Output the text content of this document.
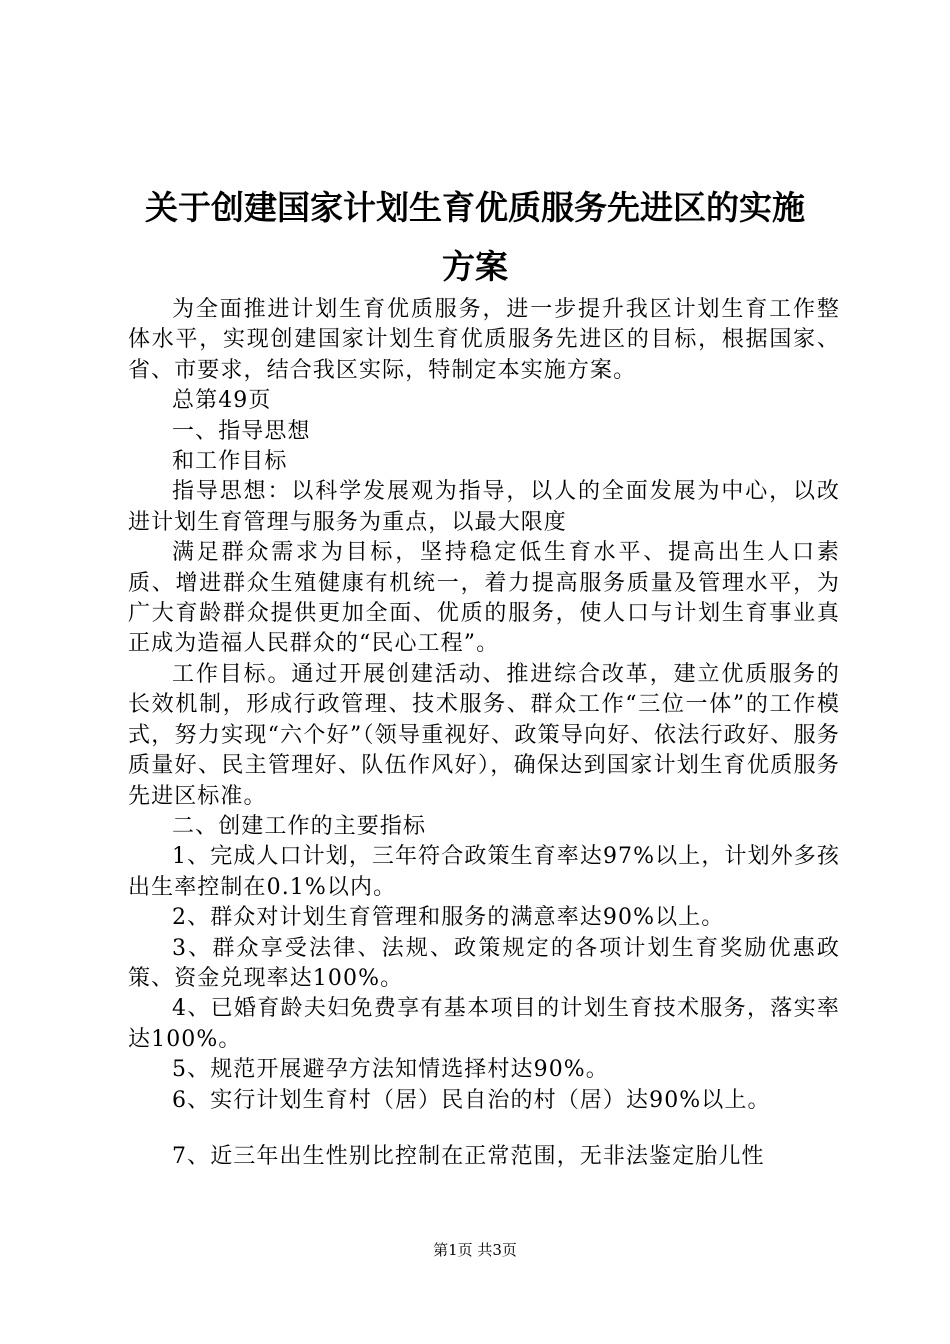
关于创建国家计划生育优质服务先进区的实施
方案

为全面推进计划生育优质服务，进一步提升我区计划生育工作整体水平，实现创建国家计划生育优质服务先进区的目标，根据国家、省、市要求，结合我区实际，特制定本实施方案。

总第49页

一、指导思想

和工作目标

指导思想：以科学发展观为指导，以人的全面发展为中心，以改进计划生育管理与服务为重点，以最大限度

满足群众需求为目标，坚持稳定低生育水平、提高出生人口素质、增进群众生殖健康有机统一，着力提高服务质量及管理水平，为广大育龄群众提供更加全面、优质的服务，使人口与计划生育事业真正成为造福人民群众的“民心工程”。

工作目标。通过开展创建活动、推进综合改革，建立优质服务的长效机制，形成行政管理、技术服务、群众工作“三位一体”的工作模式，努力实现“六个好”（领导重视好、政策导向好、依法行政好、服务质量好、民主管理好、队伍作风好），确保达到国家计划生育优质服务先进区标准。

二、创建工作的主要指标

1、完成人口计划，三年符合政策生育率达97%以上，计划外多孩出生率控制在0.1%以内。

2、群众对计划生育管理和服务的满意率达90%以上。

3、群众享受法律、法规、政策规定的各项计划生育奖励优惠政策、资金兑现率达100%。

4、已婚育龄夫妇免费享有基本项目的计划生育技术服务，落实率达100%。

5、规范开展避孕方法知情选择村达90%。

6、实行计划生育村（居）民自治的村（居）达90%以上。

7、近三年出生性别比控制在正常范围，无非法鉴定胎儿性

第1页 共3页
